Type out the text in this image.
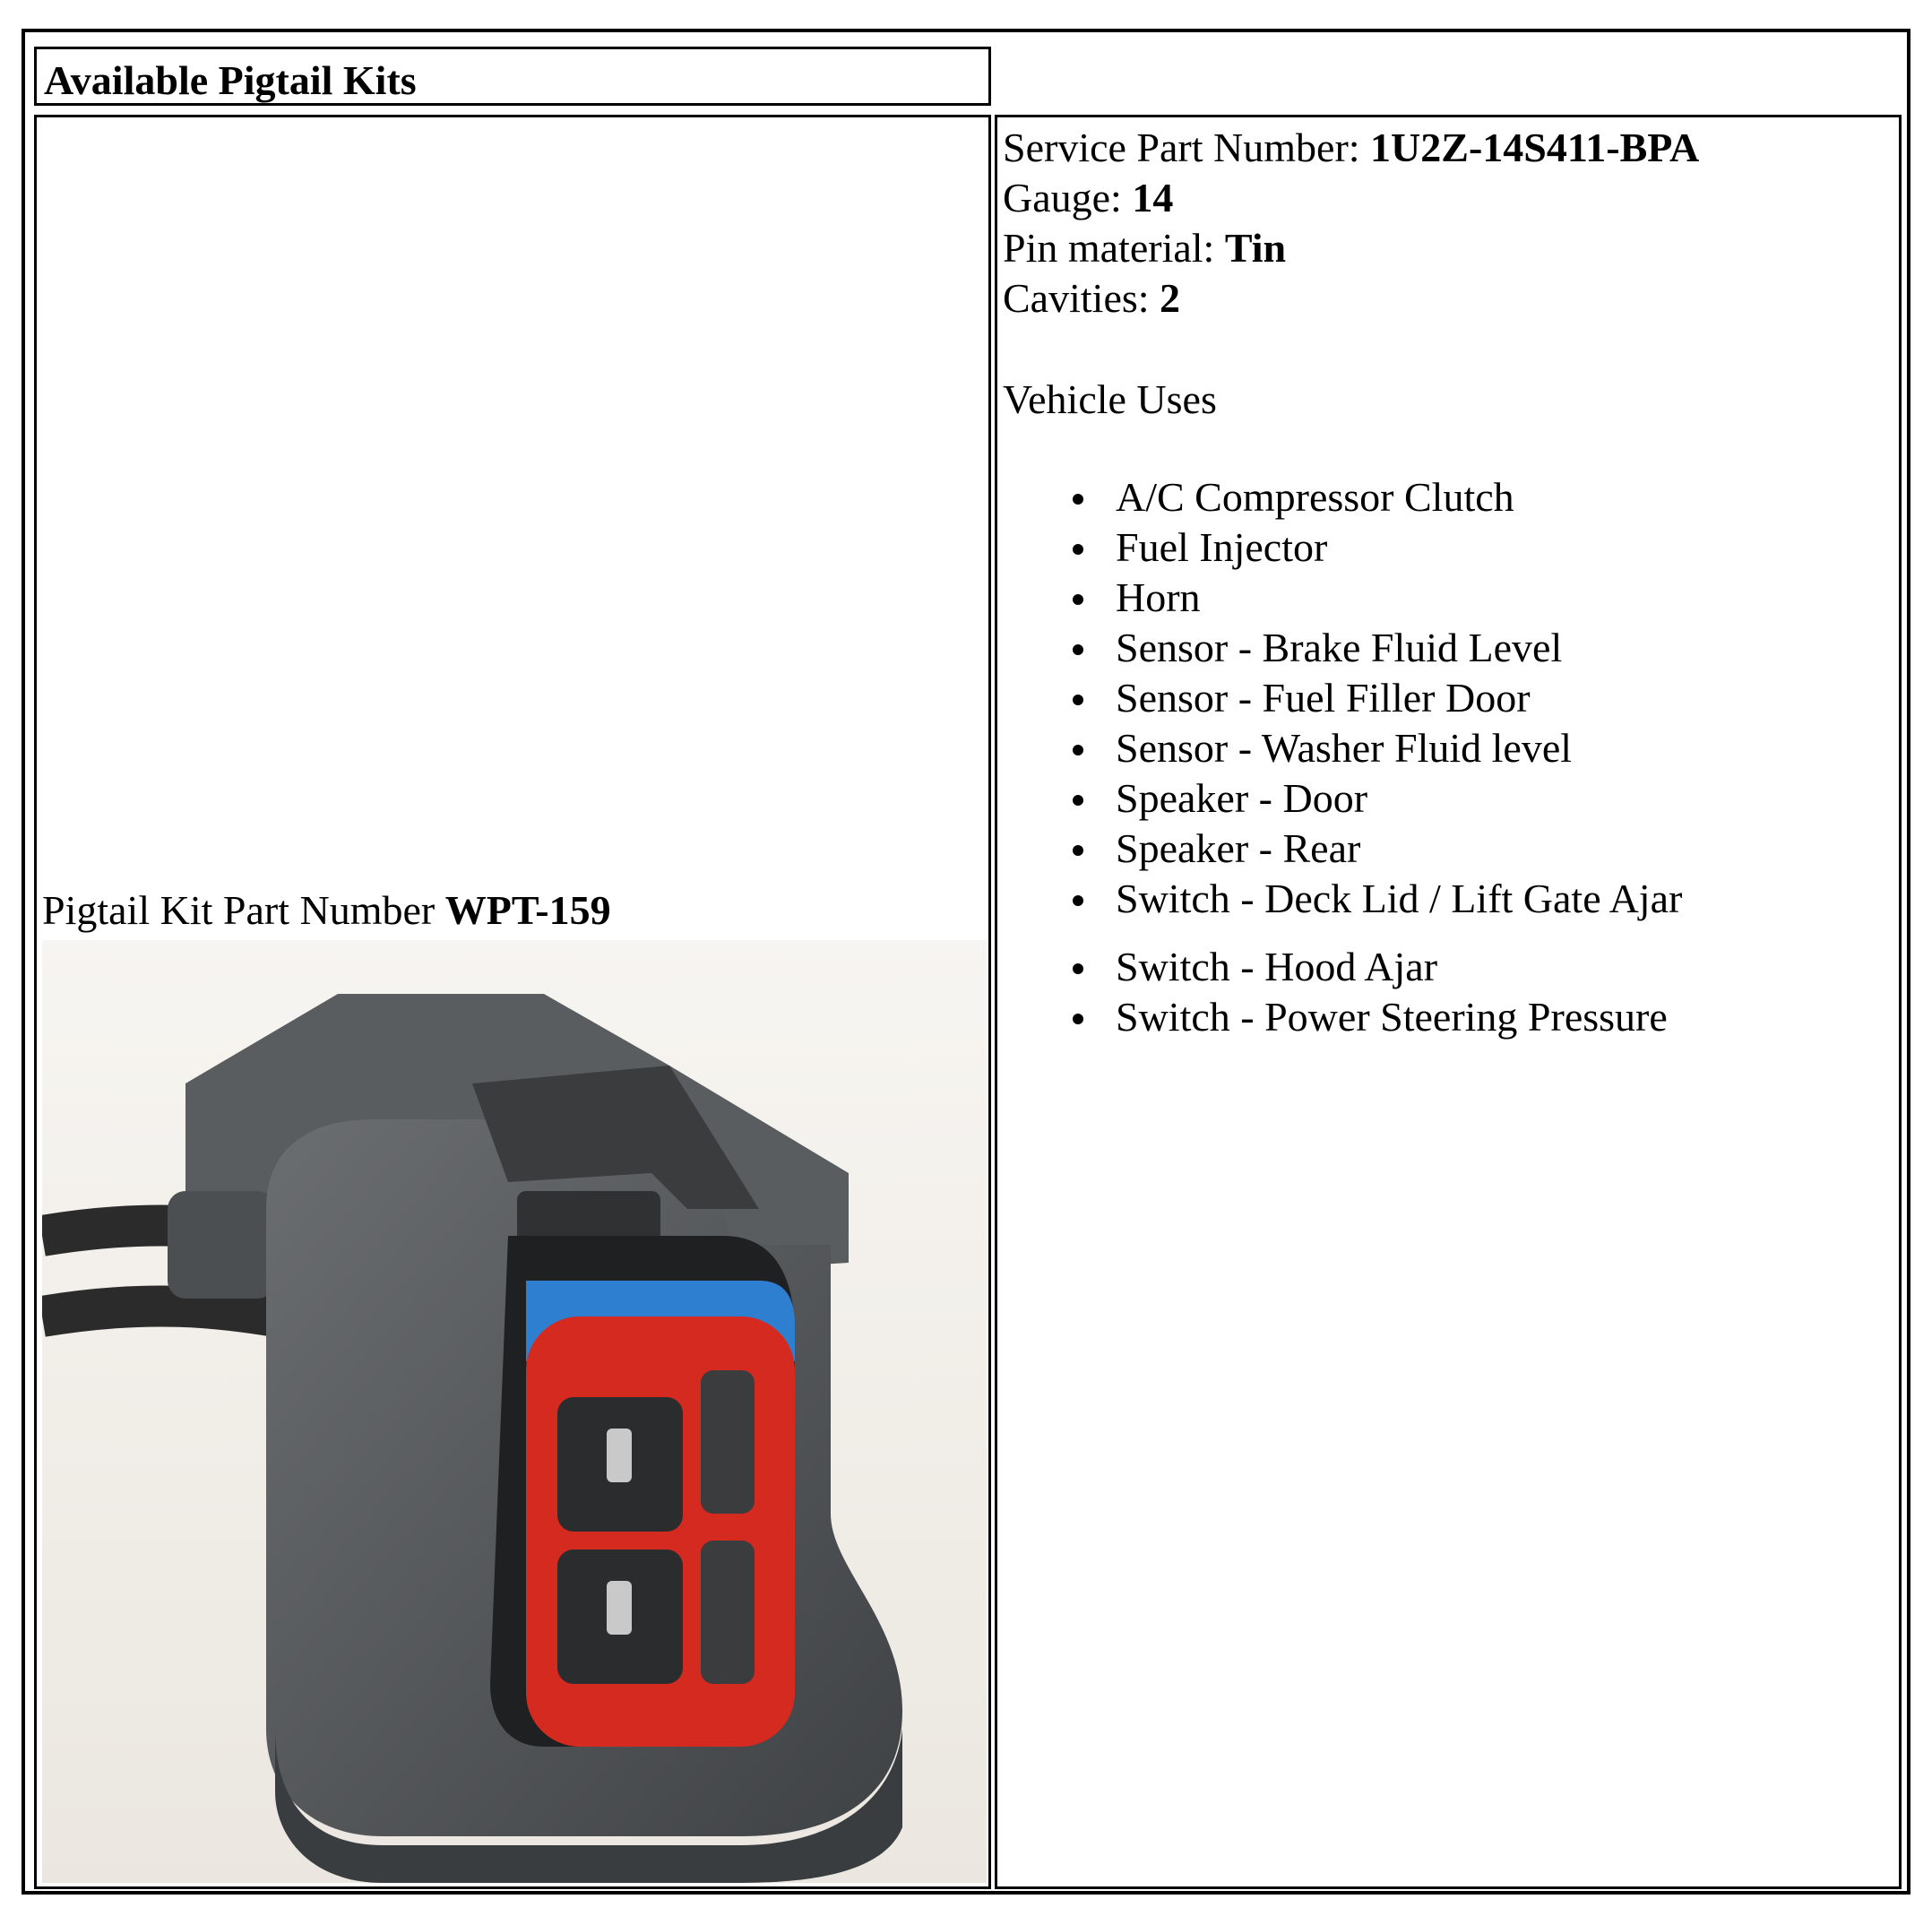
Available Pigtail Kits
Pigtail Kit Part Number WPT-159
Service Part Number: 1U2Z-14S411-BPA
Gauge: 14
Pin material: Tin
Cavities: 2
Vehicle Uses
A/C Compressor Clutch
Fuel Injector
Horn
Sensor - Brake Fluid Level
Sensor - Fuel Filler Door
Sensor - Washer Fluid level
Speaker - Door
Speaker - Rear
Switch - Deck Lid / Lift Gate Ajar
Switch - Hood Ajar
Switch - Power Steering Pressure
